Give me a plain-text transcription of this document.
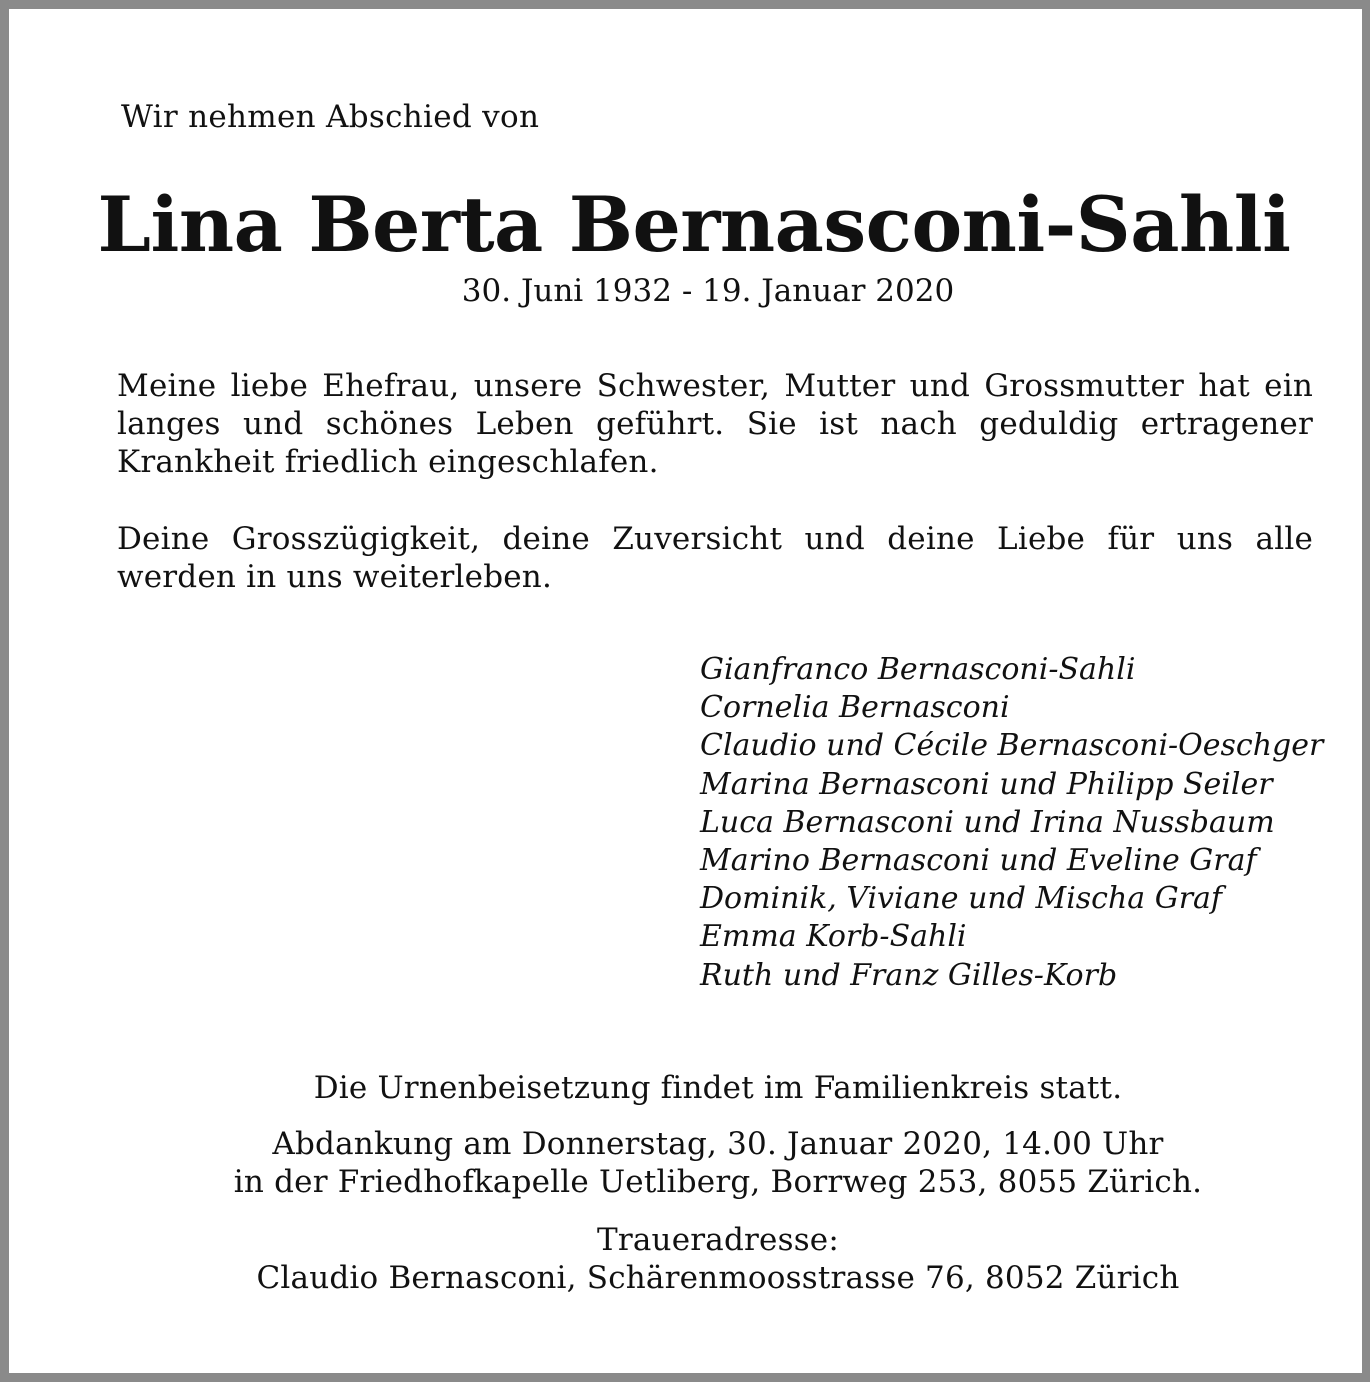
Wir nehmen Abschied von
Lina Berta Bernasconi-Sahli
30. Juni 1932 - 19. Januar 2020
Meine liebe Ehefrau, unsere Schwester, Mutter und Grossmutter hat ein langes und schönes Leben geführt. Sie ist nach geduldig ertragener Krankheit friedlich eingeschlafen.
Deine Grosszügigkeit, deine Zuversicht und deine Liebe für uns alle werden in uns weiterleben.
Gianfranco Bernasconi-Sahli
Cornelia Bernasconi
Claudio und Cécile Bernasconi-Oeschger
Marina Bernasconi und Philipp Seiler
Luca Bernasconi und Irina Nussbaum
Marino Bernasconi und Eveline Graf
Dominik, Viviane und Mischa Graf
Emma Korb-Sahli
Ruth und Franz Gilles-Korb
Die Urnenbeisetzung findet im Familienkreis statt.
Abdankung am Donnerstag, 30. Januar 2020, 14.00 Uhr
in der Friedhofkapelle Uetliberg, Borrweg 253, 8055 Zürich.
Traueradresse:
Claudio Bernasconi, Schärenmoosstrasse 76, 8052 Zürich
